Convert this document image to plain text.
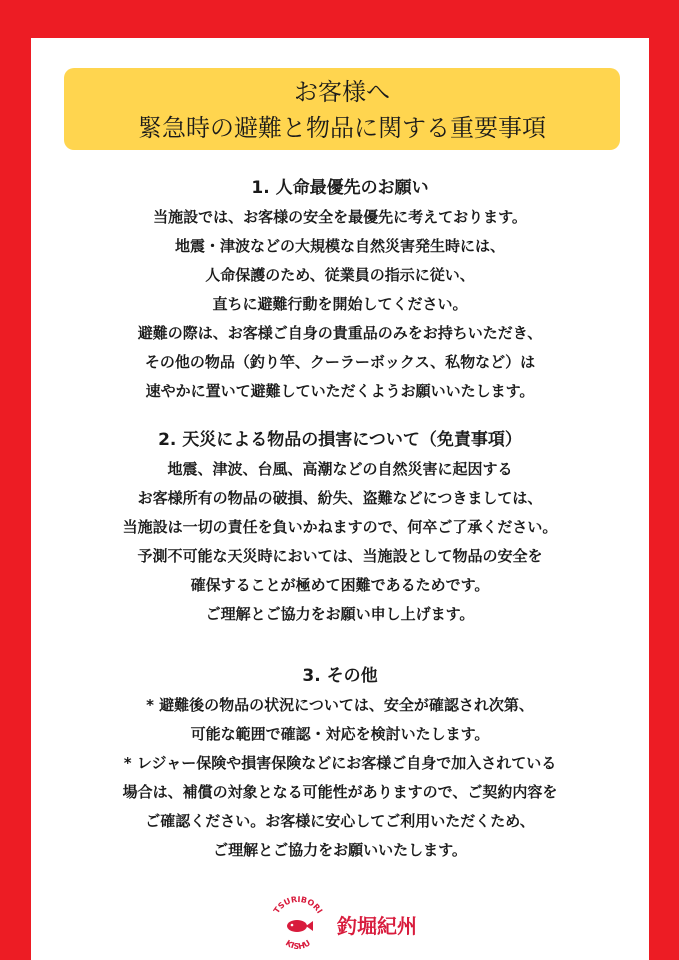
お客様へ
緊急時の避難と物品に関する重要事項
1. 人命最優先のお願い
当施設では、お客様の安全を最優先に考えております。
地震・津波などの大規模な自然災害発生時には、
人命保護のため、従業員の指示に従い、
直ちに避難行動を開始してください。
避難の際は、お客様ご自身の貴重品のみをお持ちいただき、
その他の物品（釣り竿、クーラーボックス、私物など）は
速やかに置いて避難していただくようお願いいたします。
2. 天災による物品の損害について（免責事項）
地震、津波、台風、高潮などの自然災害に起因する
お客様所有の物品の破損、紛失、盗難などにつきましては、
当施設は一切の責任を負いかねますので、何卒ご了承ください。
予測不可能な天災時においては、当施設として物品の安全を
確保することが極めて困難であるためです。
ご理解とご協力をお願い申し上げます。
3. その他
* 避難後の物品の状況については、安全が確認され次第、
可能な範囲で確認・対応を検討いたします。
* レジャー保険や損害保険などにお客様ご自身で加入されている
場合は、補償の対象となる可能性がありますので、ご契約内容を
ご確認ください。お客様に安心してご利用いただくため、
ご理解とご協力をお願いいたします。
TSURIBORI
KISHU
釣堀紀州
